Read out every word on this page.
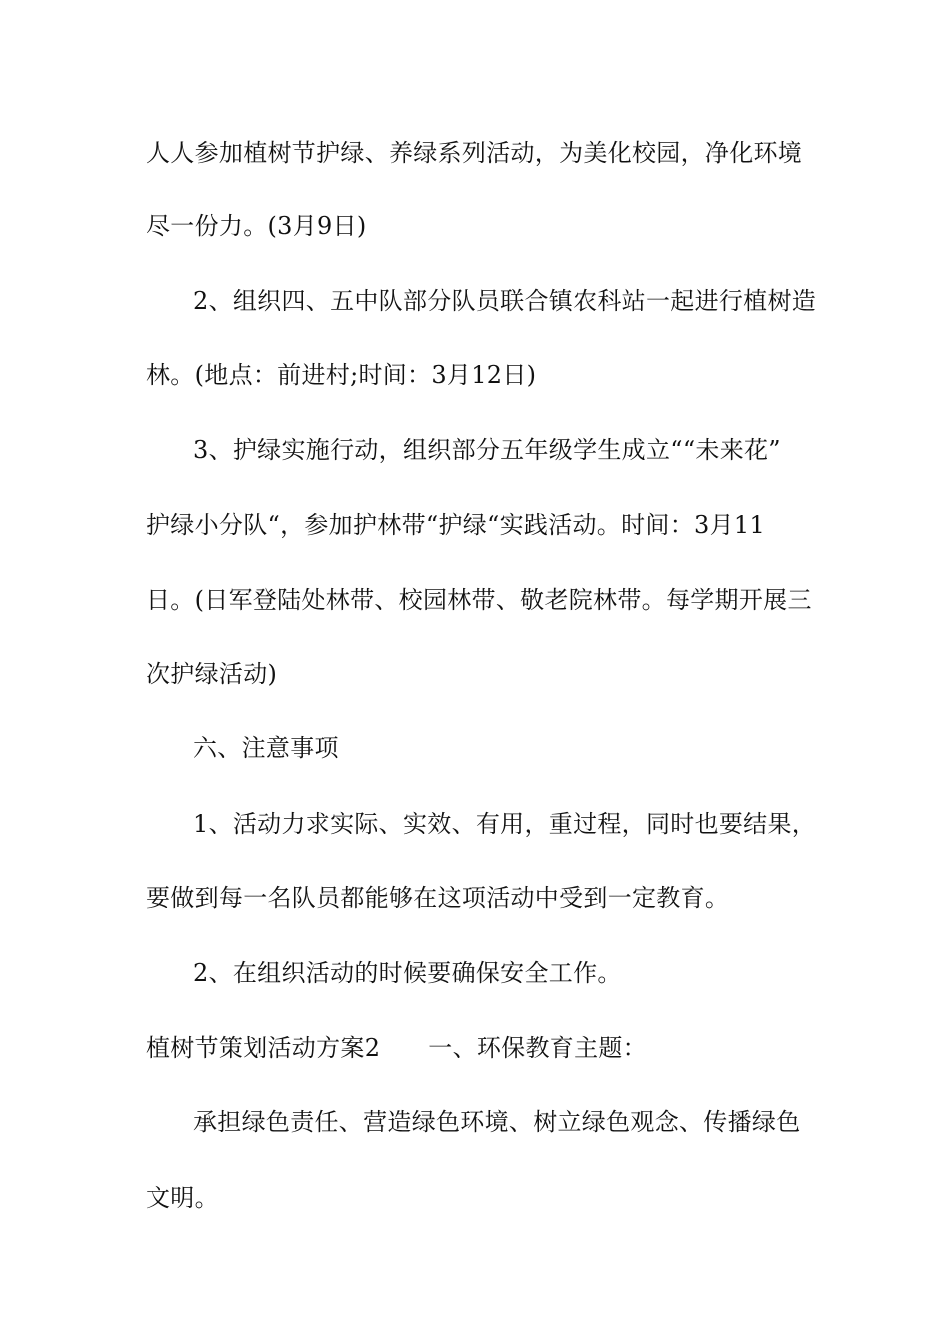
人人参加植树节护绿、养绿系列活动，为美化校园，净化环境
尽一份力。(3月9日)
2、组织四、五中队部分队员联合镇农科站一起进行植树造
林。(地点：前进村;时间：3月12日)
3、护绿实施行动，组织部分五年级学生成立““未来花”
护绿小分队“，参加护林带“护绿“实践活动。时间：3月11
日。(日军登陆处林带、校园林带、敬老院林带。每学期开展三
次护绿活动)
六、注意事项
1、活动力求实际、实效、有用，重过程，同时也要结果，
要做到每一名队员都能够在这项活动中受到一定教育。
2、在组织活动的时候要确保安全工作。
植树节策划活动方案2 一、环保教育主题：
承担绿色责任、营造绿色环境、树立绿色观念、传播绿色
文明。
